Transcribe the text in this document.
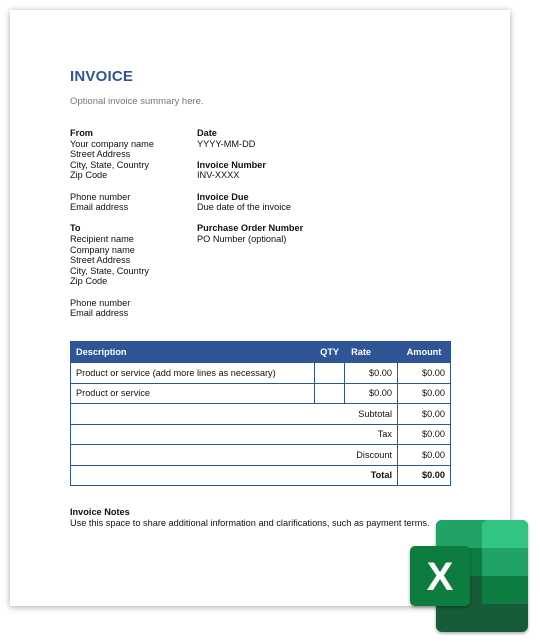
INVOICE
Optional invoice summary here.
From
Your company name
Street Address
City, State, Country
Zip Code
Phone number
Email address
To
Recipient name
Company name
Street Address
City, State, Country
Zip Code
Phone number
Email address
Date
YYYY-MM-DD
Invoice Number
INV-XXXX
Invoice Due
Due date of the invoice
Purchase Order Number
PO Number (optional)
Description	QTY	Rate	Amount
Product or service (add more lines as necessary)		$0.00	$0.00
Product or service		$0.00	$0.00
Subtotal			$0.00
Tax			$0.00
Discount			$0.00
Total			$0.00
Invoice Notes
Use this space to share additional information and clarifications, such as payment terms.
X
